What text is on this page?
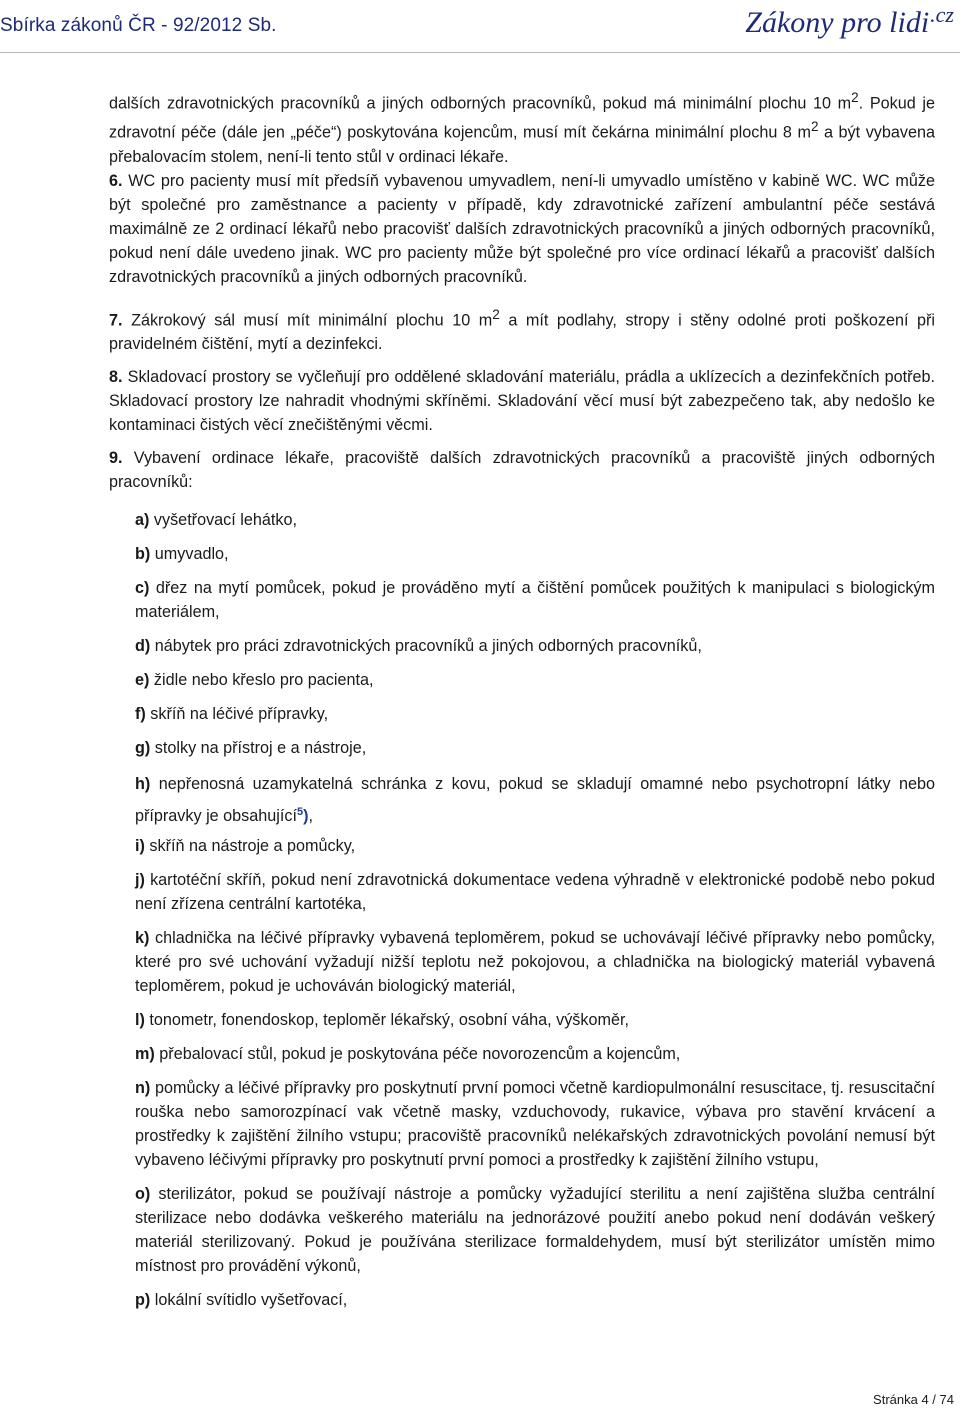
Sbírka zákonů ČR - 92/2012 Sb.	Zákony pro lidi$^{.cz}$

dalších zdravotnických pracovníků a jiných odborných pracovníků, pokud má minimální plochu 10 $m^2$. Pokud je zdravotní péče (dále jen „péče“) poskytována kojencům, musí mít čekárna minimální plochu 8 $m^2$ a být vybavena přebalovacím stolem, není-li tento stůl v ordinaci lékaře.

6. WC pro pacienty musí mít předsíň vybavenou umyvadlem, není-li umyvadlo umístěno v kabině WC. WC může být společné pro zaměstnance a pacienty v případě, kdy zdravotnické zařízení ambulantní péče sestává maximálně ze 2 ordinací lékařů nebo pracovišť dalších zdravotnických pracovníků a jiných odborných pracovníků, pokud není dále uvedeno jinak. WC pro pacienty může být společné pro více ordinací lékařů a pracovišť dalších zdravotnických pracovníků a jiných odborných pracovníků.

7. Zákrokový sál musí mít minimální plochu 10 $m^2$ a mít podlahy, stropy i stěny odolné proti poškození při pravidelném čištění, mytí a dezinfekci.

8. Skladovací prostory se vyčleňují pro oddělené skladování materiálu, prádla a uklízecích a dezinfekčních potřeb. Skladovací prostory lze nahradit vhodnými skříněmi. Skladování věcí musí být zabezpečeno tak, aby nedošlo ke kontaminaci čistých věcí znečištěnými věcmi.

9. Vybavení ordinace lékaře, pracoviště dalších zdravotnických pracovníků a pracoviště jiných odborných pracovníků:

a) vyšetřovací lehátko,

b) umyvadlo,

c) dřez na mytí pomůcek, pokud je prováděno mytí a čištění pomůcek použitých k manipulaci s biologickým materiálem,

d) nábytek pro práci zdravotnických pracovníků a jiných odborných pracovníků,

e) židle nebo křeslo pro pacienta,

f) skříň na léčivé přípravky,

g) stolky na přístroj e a nástroje,

h) nepřenosná uzamykatelná schránka z kovu, pokud se skladují omamné nebo psychotropní látky nebo přípravky je obsahující$^5$),

i) skříň na nástroje a pomůcky,

j) kartotéční skříň, pokud není zdravotnická dokumentace vedena výhradně v elektronické podobě nebo pokud není zřízena centrální kartotéka,

k) chladnička na léčivé přípravky vybavená teploměrem, pokud se uchovávají léčivé přípravky nebo pomůcky, které pro své uchování vyžadují nižší teplotu než pokojovou, a chladnička na biologický materiál vybavená teploměrem, pokud je uchováván biologický materiál,

l) tonometr, fonendoskop, teploměr lékařský, osobní váha, výškoměr,

m) přebalovací stůl, pokud je poskytována péče novorozencům a kojencům,

n) pomůcky a léčivé přípravky pro poskytnutí první pomoci včetně kardiopulmonální resuscitace, tj. resuscitační rouška nebo samorozpínací vak včetně masky, vzduchovody, rukavice, výbava pro stavění krvácení a prostředky k zajištění žilního vstupu; pracoviště pracovníků nelékařských zdravotnických povolání nemusí být vybaveno léčivými přípravky pro poskytnutí první pomoci a prostředky k zajištění žilního vstupu,

o) sterilizátor, pokud se používají nástroje a pomůcky vyžadující sterilitu a není zajištěna služba centrální sterilizace nebo dodávka veškerého materiálu na jednorázové použití anebo pokud není dodáván veškerý materiál sterilizovaný. Pokud je používána sterilizace formaldehydem, musí být sterilizátor umístěn mimo místnost pro provádění výkonů,

p) lokální svítidlo vyšetřovací,

Stránka 4 / 74
